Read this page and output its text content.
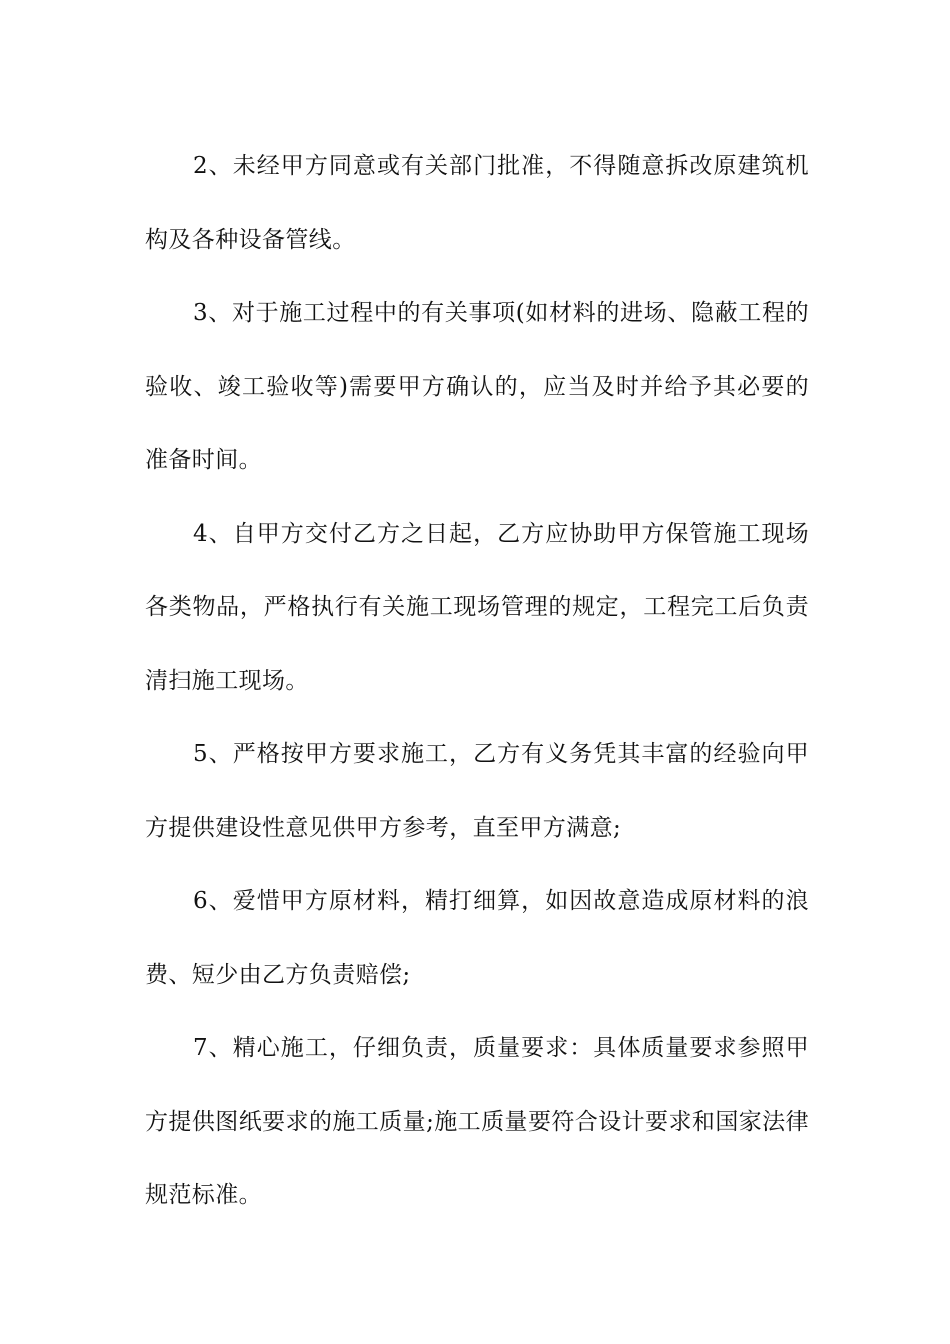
2、未经甲方同意或有关部门批准，不得随意拆改原建筑机构及各种设备管线。

3、对于施工过程中的有关事项(如材料的进场、隐蔽工程的验收、竣工验收等)需要甲方确认的，应当及时并给予其必要的准备时间。

4、自甲方交付乙方之日起，乙方应协助甲方保管施工现场各类物品，严格执行有关施工现场管理的规定，工程完工后负责清扫施工现场。

5、严格按甲方要求施工，乙方有义务凭其丰富的经验向甲方提供建设性意见供甲方参考，直至甲方满意;

6、爱惜甲方原材料，精打细算，如因故意造成原材料的浪费、短少由乙方负责赔偿;

7、精心施工，仔细负责，质量要求：具体质量要求参照甲方提供图纸要求的施工质量;施工质量要符合设计要求和国家法律规范标准。
